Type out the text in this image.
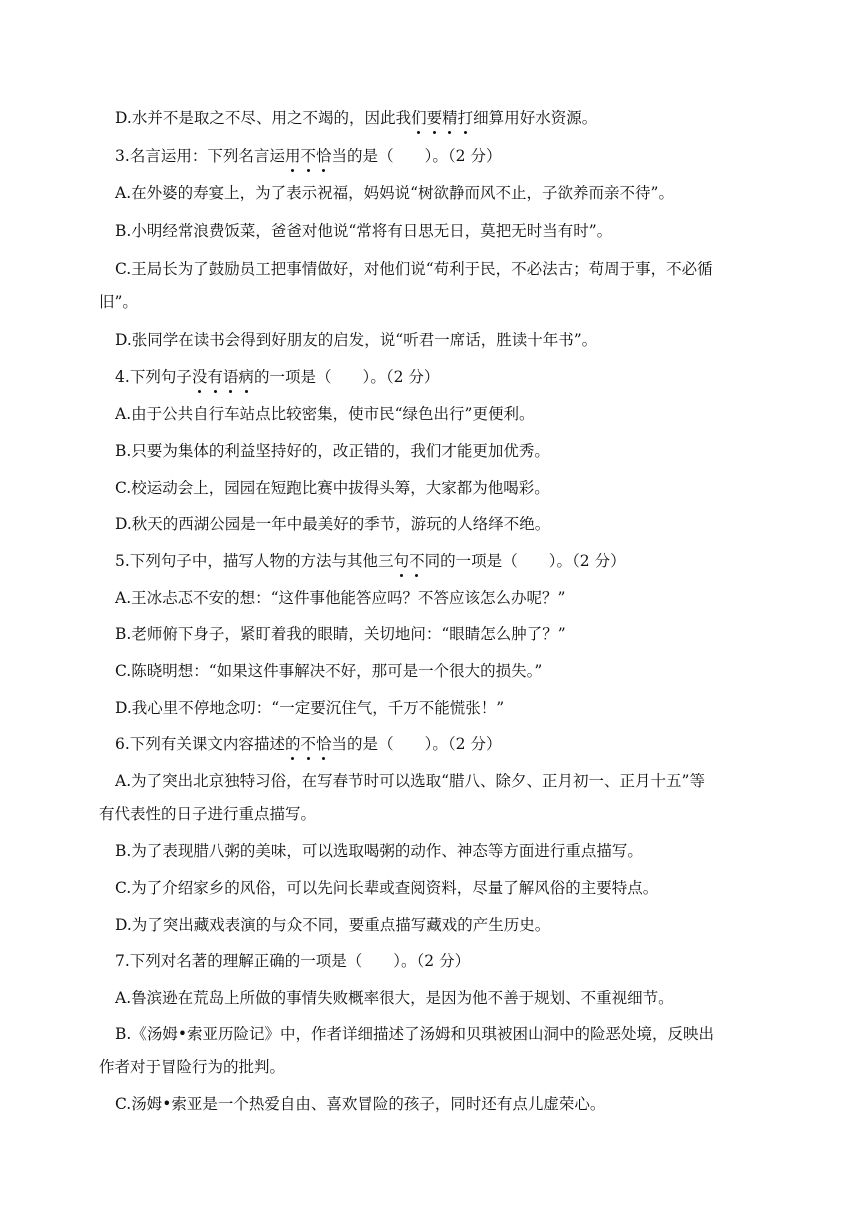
D.水并不是取之不尽、用之不竭的，因此我们要精打细算用好水资源。
3.名言运用：下列名言运用不恰当的是（　　 ）。（2 分）
A.在外婆的寿宴上，为了表示祝福，妈妈说“树欲静而风不止，子欲养而亲不待”。
B.小明经常浪费饭菜，爸爸对他说“常将有日思无日，莫把无时当有时”。
C.王局长为了鼓励员工把事情做好，对他们说“苟利于民，不必法古；苟周于事，不必循
旧”。
D.张同学在读书会得到好朋友的启发，说“听君一席话，胜读十年书”。
4.下列句子没有语病的一项是（　　 ）。（2 分）
A.由于公共自行车站点比较密集，使市民“绿色出行”更便利。
B.只要为集体的利益坚持好的，改正错的，我们才能更加优秀。
C.校运动会上，园园在短跑比赛中拔得头筹，大家都为他喝彩。
D.秋天的西湖公园是一年中最美好的季节，游玩的人络绎不绝。
5.下列句子中，描写人物的方法与其他三句不同的一项是（　　 ）。（2 分）
A.王冰忐忑不安的想：“这件事他能答应吗？不答应该怎么办呢？”
B.老师俯下身子，紧盯着我的眼睛，关切地问：“眼睛怎么肿了？”
C.陈晓明想：“如果这件事解决不好，那可是一个很大的损失。”
D.我心里不停地念叨：“一定要沉住气，千万不能慌张！”
6.下列有关课文内容描述的不恰当的是（　　 ）。（2 分）
A.为了突出北京独特习俗，在写春节时可以选取“腊八、除夕、正月初一、正月十五”等
有代表性的日子进行重点描写。
B.为了表现腊八粥的美味，可以选取喝粥的动作、神态等方面进行重点描写。
C.为了介绍家乡的风俗，可以先问长辈或查阅资料，尽量了解风俗的主要特点。
D.为了突出藏戏表演的与众不同，要重点描写藏戏的产生历史。
7.下列对名著的理解正确的一项是（　　）。（2 分）
A.鲁滨逊在荒岛上所做的事情失败概率很大，是因为他不善于规划、不重视细节。
B.《汤姆•索亚历险记》中，作者详细描述了汤姆和贝琪被困山洞中的险恶处境，反映出
作者对于冒险行为的批判。
C.汤姆•索亚是一个热爱自由、喜欢冒险的孩子，同时还有点儿虚荣心。
